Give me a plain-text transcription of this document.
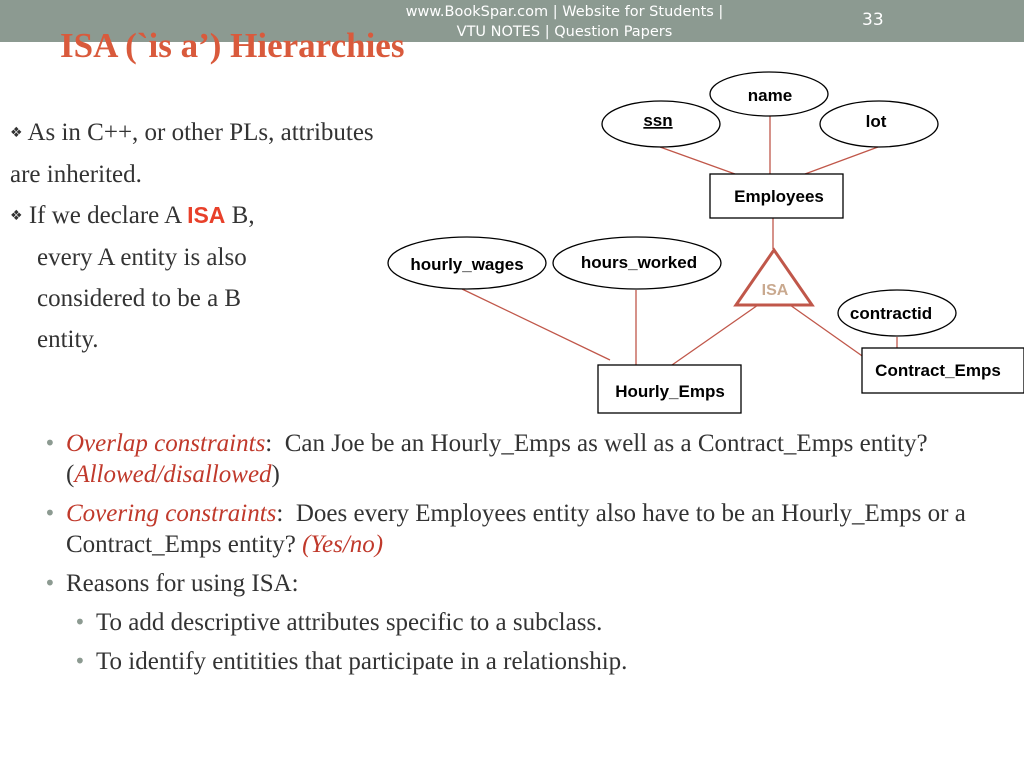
www.BookSpar.com | Website for Students | VTU NOTES | Question Papers
33
ISA (`is a’) Hierarchies
❖ As in C++, or other PLs, attributes are inherited.
❖ If we declare A ISA B,
every A entity is also
considered to be a B
entity.
name
ssn	lot
Employees
hourly_wages	hours_worked
contractid
Hourly_Emps
Contract_Emps
ISA
• Overlap constraints: Can Joe be an Hourly_Emps as well as a Contract_Emps entity?  (Allowed/disallowed)
• Covering constraints: Does every Employees entity also have to be an Hourly_Emps or a Contract_Emps entity? (Yes/no)
• Reasons for using ISA:
• To add descriptive attributes specific to a subclass.
• To identify entitities that participate in a relationship.
